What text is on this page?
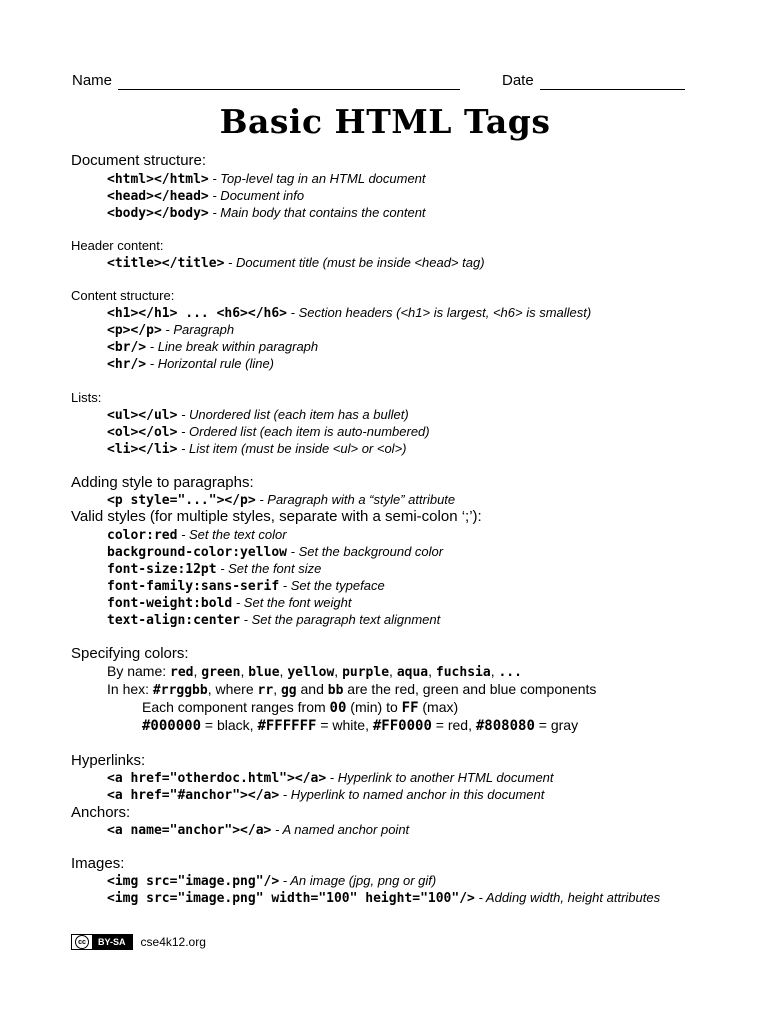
Name	Date
Basic HTML Tags
Document structure:
<html></html> - Top-level tag in an HTML document
<head></head> - Document info
<body></body> - Main body that contains the content
Header content:
<title></title> - Document title (must be inside <head> tag)
Content structure:
<h1></h1> ... <h6></h6> - Section headers (<h1> is largest, <h6> is smallest)
<p></p> - Paragraph
<br/> - Line break within paragraph
<hr/> - Horizontal rule (line)
Lists:
<ul></ul> - Unordered list (each item has a bullet)
<ol></ol> - Ordered list (each item is auto-numbered)
<li></li> - List item (must be inside <ul> or <ol>)
Adding style to paragraphs:
<p style="..."></p> - Paragraph with a “style” attribute
Valid styles (for multiple styles, separate with a semi-colon ‘;’):
color:red - Set the text color
background-color:yellow - Set the background color
font-size:12pt - Set the font size
font-family:sans-serif - Set the typeface
font-weight:bold - Set the font weight
text-align:center - Set the paragraph text alignment
Specifying colors:
By name: red, green, blue, yellow, purple, aqua, fuchsia, ...
In hex: #rrggbb, where rr, gg and bb are the red, green and blue components
Each component ranges from 00 (min) to FF (max)
#000000 = black, #FFFFFF = white, #FF0000 = red, #808080 = gray
Hyperlinks:
<a href="otherdoc.html"></a> - Hyperlink to another HTML document
<a href="#anchor"></a> - Hyperlink to named anchor in this document
Anchors:
<a name="anchor"></a> - A named anchor point
Images:
<img src="image.png"/> - An image (jpg, png or gif)
<img src="image.png" width="100" height="100"/> - Adding width, height attributes
cc	BY-SA	cse4k12.org
